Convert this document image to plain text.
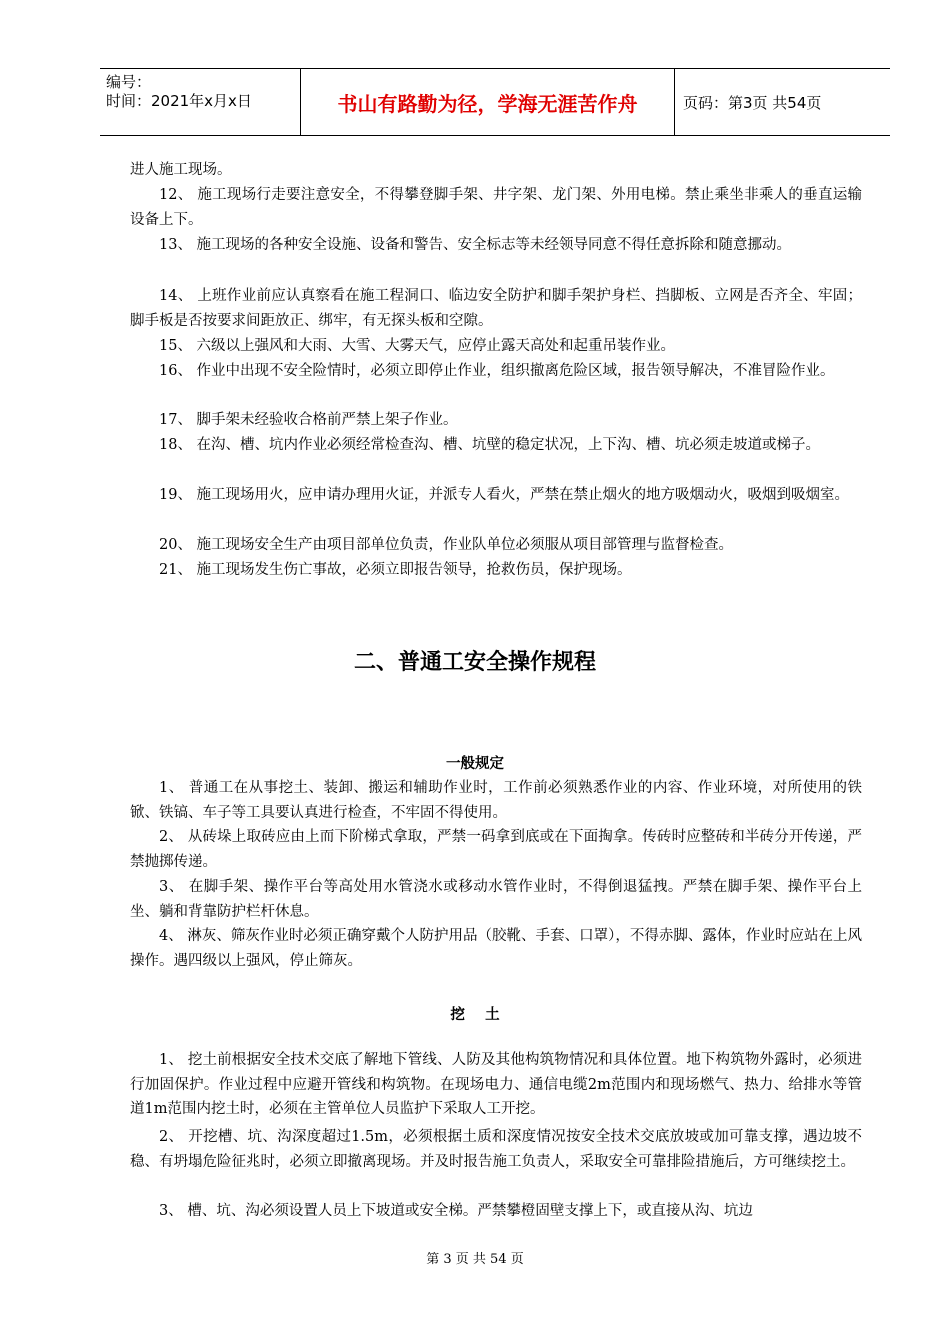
编号：
时间：2021年x月x日	书山有路勤为径，学海无涯苦作舟	页码：第3页 共54页
进人施工现场。
12、 施工现场行走要注意安全，不得攀登脚手架、井字架、龙门架、外用电梯。禁止乘坐非乘人的垂直运输设备上下。
13、 施工现场的各种安全设施、设备和警告、安全标志等未经领导同意不得任意拆除和随意挪动。
14、 上班作业前应认真察看在施工程洞口、临边安全防护和脚手架护身栏、挡脚板、立网是否齐全、牢固；脚手板是否按要求间距放正、绑牢，有无探头板和空隙。
15、 六级以上强风和大雨、大雪、大雾天气，应停止露天高处和起重吊装作业。
16、 作业中出现不安全险情时，必须立即停止作业，组织撤离危险区域，报告领导解决，不准冒险作业。
17、 脚手架未经验收合格前严禁上架子作业。
18、 在沟、槽、坑内作业必须经常检查沟、槽、坑壁的稳定状况，上下沟、槽、坑必须走坡道或梯子。
19、 施工现场用火，应申请办理用火证，并派专人看火，严禁在禁止烟火的地方吸烟动火，吸烟到吸烟室。
20、 施工现场安全生产由项目部单位负责，作业队单位必须服从项目部管理与监督检查。
21、 施工现场发生伤亡事故，必须立即报告领导，抢救伤员，保护现场。
二、普通工安全操作规程
一般规定
1、 普通工在从事挖土、装卸、搬运和辅助作业时，工作前必须熟悉作业的内容、作业环境，对所使用的铁锨、铁镐、车子等工具要认真进行检查，不牢固不得使用。
2、 从砖垛上取砖应由上而下阶梯式拿取，严禁一码拿到底或在下面掏拿。传砖时应整砖和半砖分开传递，严禁抛掷传递。
3、 在脚手架、操作平台等高处用水管浇水或移动水管作业时，不得倒退猛拽。严禁在脚手架、操作平台上坐、躺和背靠防护栏杆休息。
4、 淋灰、筛灰作业时必须正确穿戴个人防护用品（胶靴、手套、口罩），不得赤脚、露体，作业时应站在上风操作。遇四级以上强风，停止筛灰。
挖    土
1、 挖土前根据安全技术交底了解地下管线、人防及其他构筑物情况和具体位置。地下构筑物外露时，必须进行加固保护。作业过程中应避开管线和构筑物。在现场电力、通信电缆2m范围内和现场燃气、热力、给排水等管道1m范围内挖土时，必须在主管单位人员监护下采取人工开挖。
2、 开挖槽、坑、沟深度超过1.5m，必须根据土质和深度情况按安全技术交底放坡或加可靠支撑，遇边坡不稳、有坍塌危险征兆时，必须立即撤离现场。并及时报告施工负责人，采取安全可靠排险措施后，方可继续挖土。
3、 槽、坑、沟必须设置人员上下坡道或安全梯。严禁攀橙固壁支撑上下，或直接从沟、坑边
第 3 页 共 54 页
